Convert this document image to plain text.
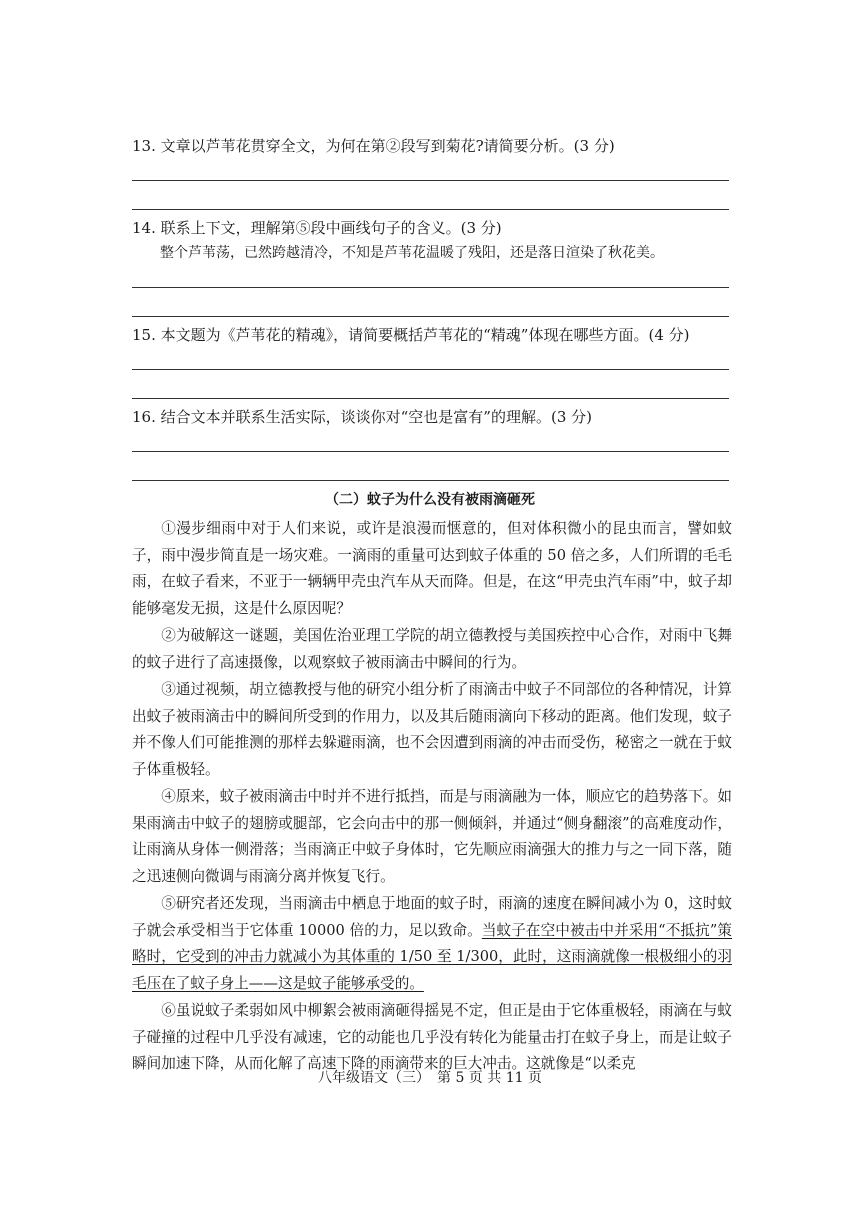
13. 文章以芦苇花贯穿全文，为何在第②段写到菊花?请简要分析。(3 分)
14. 联系上下文，理解第⑤段中画线句子的含义。(3 分)
整个芦苇荡，已然跨越清冷，不知是芦苇花温暖了残阳，还是落日渲染了秋花美。
15. 本文题为《芦苇花的精魂》，请简要概括芦苇花的“精魂”体现在哪些方面。(4 分)
16. 结合文本并联系生活实际，谈谈你对“空也是富有”的理解。(3 分)
（二）蚊子为什么没有被雨滴砸死

①漫步细雨中对于人们来说，或许是浪漫而惬意的，但对体积微小的昆虫而言，譬如蚊子，雨中漫步简直是一场灾难。一滴雨的重量可达到蚊子体重的 50 倍之多，人们所谓的毛毛雨，在蚊子看来，不亚于一辆辆甲壳虫汽车从天而降。但是，在这“甲壳虫汽车雨”中，蚊子却能够毫发无损，这是什么原因呢？

②为破解这一谜题，美国佐治亚理工学院的胡立德教授与美国疾控中心合作，对雨中飞舞的蚊子进行了高速摄像，以观察蚊子被雨滴击中瞬间的行为。

③通过视频，胡立德教授与他的研究小组分析了雨滴击中蚊子不同部位的各种情况，计算出蚊子被雨滴击中的瞬间所受到的作用力，以及其后随雨滴向下移动的距离。他们发现，蚊子并不像人们可能推测的那样去躲避雨滴，也不会因遭到雨滴的冲击而受伤，秘密之一就在于蚊子体重极轻。

④原来，蚊子被雨滴击中时并不进行抵挡，而是与雨滴融为一体，顺应它的趋势落下。如果雨滴击中蚊子的翅膀或腿部，它会向击中的那一侧倾斜，并通过“侧身翻滚”的高难度动作，让雨滴从身体一侧滑落；当雨滴正中蚊子身体时，它先顺应雨滴强大的推力与之一同下落，随之迅速侧向微调与雨滴分离并恢复飞行。

⑤研究者还发现，当雨滴击中栖息于地面的蚊子时，雨滴的速度在瞬间减小为 0，这时蚊子就会承受相当于它体重 10000 倍的力，足以致命。当蚊子在空中被击中并采用“不抵抗”策略时，它受到的冲击力就减小为其体重的 1/50 至 1/300，此时，这雨滴就像一根极细小的羽毛压在了蚊子身上——这是蚊子能够承受的。

⑥虽说蚊子柔弱如风中柳絮会被雨滴砸得摇晃不定，但正是由于它体重极轻，雨滴在与蚊子碰撞的过程中几乎没有减速，它的动能也几乎没有转化为能量击打在蚊子身上，而是让蚊子瞬间加速下降，从而化解了高速下降的雨滴带来的巨大冲击。这就像是“以柔克

八年级语文（三）　第 5 页 共 11 页
